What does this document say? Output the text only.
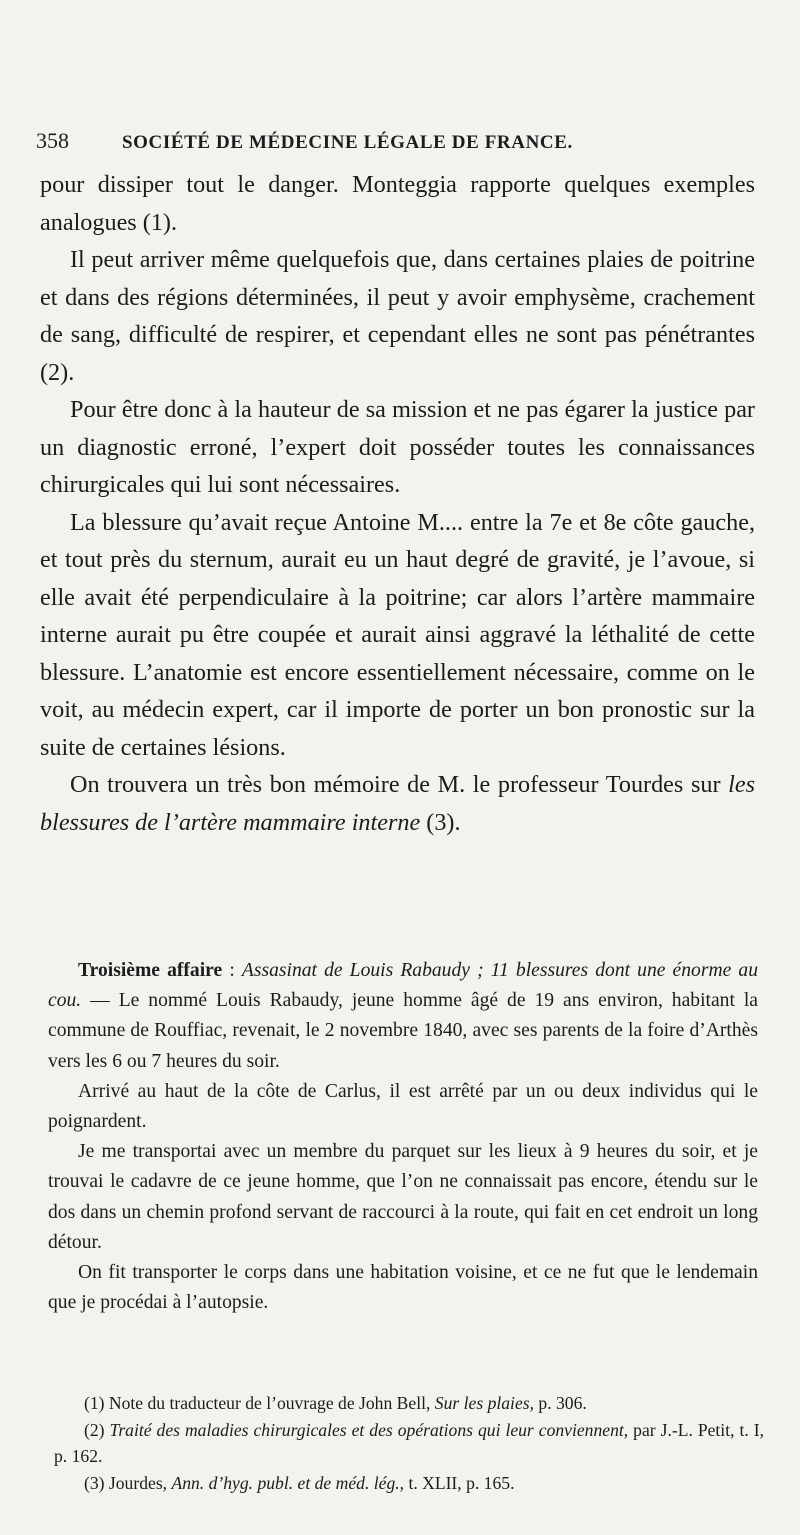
358	SOCIÉTÉ DE MÉDECINE LÉGALE DE FRANCE.

pour dissiper tout le danger. Monteggia rapporte quelques exemples analogues (1).

Il peut arriver même quelquefois que, dans certaines plaies de poitrine et dans des régions déterminées, il peut y avoir emphysème, crachement de sang, difficulté de respirer, et cependant elles ne sont pas pénétrantes (2).

Pour être donc à la hauteur de sa mission et ne pas égarer la justice par un diagnostic erroné, l’expert doit posséder toutes les connaissances chirurgicales qui lui sont nécessaires.

La blessure qu’avait reçue Antoine M.... entre la 7e et 8e côte gauche, et tout près du sternum, aurait eu un haut degré de gravité, je l’avoue, si elle avait été perpendiculaire à la poitrine; car alors l’artère mammaire interne aurait pu être coupée et aurait ainsi aggravé la léthalité de cette blessure. L’anatomie est encore essentiellement nécessaire, comme on le voit, au médecin expert, car il importe de porter un bon pronostic sur la suite de certaines lésions.

On trouvera un très bon mémoire de M. le professeur Tourdes sur les blessures de l’artère mammaire interne (3).

Troisième affaire : Assasinat de Louis Rabaudy ; 11 blessures dont une énorme au cou. — Le nommé Louis Rabaudy, jeune homme âgé de 19 ans environ, habitant la commune de Rouffiac, revenait, le 2 novembre 1840, avec ses parents de la foire d’Arthès vers les 6 ou 7 heures du soir.

Arrivé au haut de la côte de Carlus, il est arrêté par un ou deux individus qui le poignardent.

Je me transportai avec un membre du parquet sur les lieux à 9 heures du soir, et je trouvai le cadavre de ce jeune homme, que l’on ne connaissait pas encore, étendu sur le dos dans un chemin profond servant de raccourci à la route, qui fait en cet endroit un long détour.

On fit transporter le corps dans une habitation voisine, et ce ne fut que le lendemain que je procédai à l’autopsie.

(1) Note du traducteur de l’ouvrage de John Bell, Sur les plaies, p. 306.

(2) Traité des maladies chirurgicales et des opérations qui leur conviennent, par J.-L. Petit, t. I, p. 162.

(3) Jourdes, Ann. d’hyg. publ. et de méd. lég., t. XLII, p. 165.
